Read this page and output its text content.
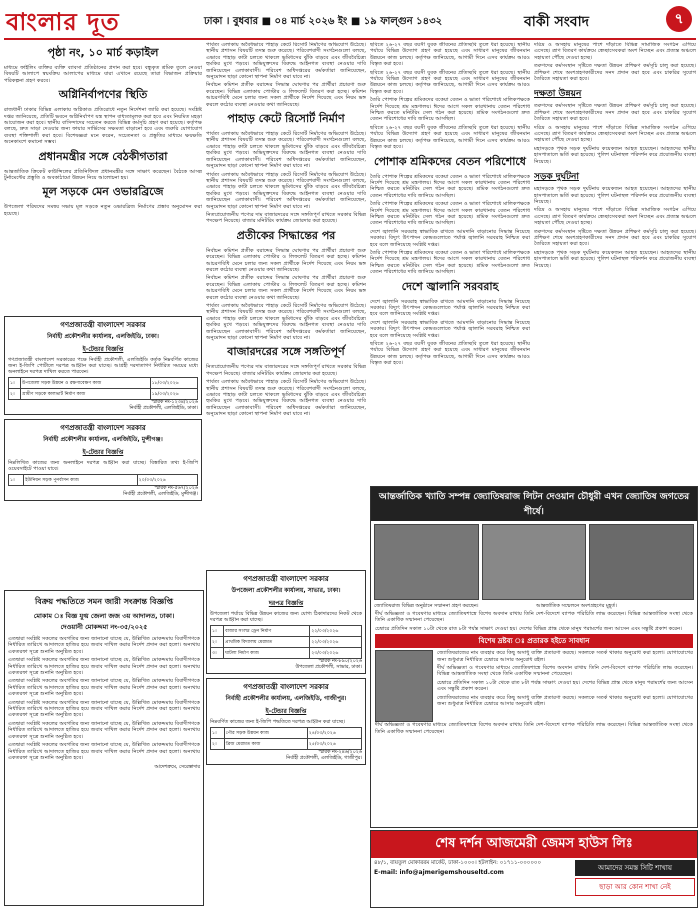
বাংলার দূত	ঢাকা । বুধবার ■ ০৪ মার্চ ২০২৬ ইং ■ ১৯ ফাল্গুন ১৪৩২	বাকী সংবাদ	৭
পৃষ্ঠা নং, ১০ মার্চ কড়াইল

মাধ্যমে ফাইলিং ব্যক্তির ব্যক্তি ব্যাবসা প্রতিষ্ঠানের প্রদান করা হবে। বন্ধুকৃত শ্রমিক তুলে নেওয়া বিষয়টি আলাপে স্বয়ংক্রিয় আলাপের মাধ্যমে যারা এখানে রয়েছে তারা বিভাজন প্রক্রিয়ার পরিকল্পনা গ্রহণ করবে।

অগ্নিনির্বাপণের স্থিতি

রাজধানী ঢাকার বিভিন্ন এলাকায় অগ্নিকাণ্ড প্রতিরোধে নতুন নির্দেশনা জারি করা হয়েছে। সংশ্লিষ্ট দপ্তর জানিয়েছে, প্রতিটি ভবনে অগ্নিনির্বাপণ যন্ত্র স্থাপন বাধ্যতামূলক করা হবে এবং নিয়মিত মহড়া আয়োজন করা হবে। স্থানীয় বাসিন্দাদের সচেতন করতে বিভিন্ন কর্মসূচি গ্রহণ করা হয়েছে। কর্তৃপক্ষ বলছে, দ্রুত সাড়া দেওয়ার জন্য ফায়ার সার্ভিসের সক্ষমতা বাড়ানো হবে এবং জরুরি যোগাযোগ ব্যবস্থা শক্তিশালী করা হবে। বিশেষজ্ঞরা মনে করেন, সচেতনতা ও প্রস্তুতির মাধ্যমে ক্ষয়ক্ষতি অনেকাংশে কমানো সম্ভব।

প্রধানমন্ত্রীর সঙ্গে বেঠকীগতারা

আন্তর্জাতিক ক্রিকেট কাউন্সিলের প্রতিনিধিদল প্রধানমন্ত্রীর সঙ্গে সাক্ষাৎ করেছেন। বৈঠকে আসন্ন টুর্নামেন্টের প্রস্তুতি ও অবকাঠামো উন্নয়ন নিয়ে আলোচনা হয়।

মূল সড়কে মেন ওভারব্রিজে

উপজেলা পরিষদের সমন্বয় সভায় মূল সড়কে নতুন ওভারব্রিজ নির্মাণের প্রস্তাব অনুমোদন করা হয়েছে।

গণপ্রজাতন্ত্রী বাংলাদেশ সরকার
নির্বাহী প্রকৌশলীর কার্যালয়, এলজিইডি, ঢাকা।
ই-টেন্ডার বিজ্ঞপ্তি

গণপ্রজাতন্ত্রী বাংলাদেশ সরকারের পক্ষে নির্বাহী প্রকৌশলী, এলজিইডি কর্তৃক নিম্নবর্ণিত কাজের জন্য ই-জিপি পোর্টালে দরপত্র আহ্বান করা যাচ্ছে। আগ্রহী দরদাতাগণ নির্ধারিত সময়ের মধ্যে অনলাইনে দরপত্র দাখিল করতে পারবেন।

১।	উপজেলা সড়ক উন্নয়ন ও রক্ষণাবেক্ষণ কাজ	১৮/০৩/২০২৬
২।	গ্রামীণ সড়কে কালভার্ট নির্মাণ কাজ	১৯/০৩/২০২৬
স্মারক নং-১২৩৪/২০২৬
নির্বাহী প্রকৌশলী, এলজিইডি, ঢাকা।
গণপ্রজাতন্ত্রী বাংলাদেশ সরকার
নির্বাহী প্রকৌশলীর কার্যালয়, এলজিইডি, মুন্সীগঞ্জ।
ই-টেন্ডার বিজ্ঞপ্তি

নিম্নলিখিত কাজের জন্য অনলাইনে দরপত্র আহ্বান করা যাচ্ছে। বিস্তারিত তথ্য ই-জিপি ওয়েবসাইটে পাওয়া যাবে।

১।	ইউনিয়ন সড়ক পুনর্বাসন কাজ	২০/০৩/২০২৬
স্মারক নং-৫৬৭/২০২৬
নির্বাহী প্রকৌশলী, এলজিইডি, মুন্সীগঞ্জ।
বিক্রয় পদ্ধতিতে সমন জারী সংক্রান্ত বিজ্ঞপ্তি
মোকাম ঃ বিজ্ঞ যুগ্ম জেলা জজ ৩য় আদালত, ঢাকা।
দেওয়ানী মোকদ্দমা নং-৩৫/২০২৫

এতদ্বারা সংশ্লিষ্ট সকলের অবগতির জন্য জানানো যাচ্ছে যে, উল্লিখিত মোকদ্দমায় বিবাদীগণকে নির্ধারিত তারিখে আদালতে হাজির হয়ে জবাব দাখিল করার নির্দেশ প্রদান করা হলো। অন্যথায় একতরফা সূত্রে শুনানি অনুষ্ঠিত হবে।

এতদ্বারা সংশ্লিষ্ট সকলের অবগতির জন্য জানানো যাচ্ছে যে, উল্লিখিত মোকদ্দমায় বিবাদীগণকে নির্ধারিত তারিখে আদালতে হাজির হয়ে জবাব দাখিল করার নির্দেশ প্রদান করা হলো। অন্যথায় একতরফা সূত্রে শুনানি অনুষ্ঠিত হবে।

এতদ্বারা সংশ্লিষ্ট সকলের অবগতির জন্য জানানো যাচ্ছে যে, উল্লিখিত মোকদ্দমায় বিবাদীগণকে নির্ধারিত তারিখে আদালতে হাজির হয়ে জবাব দাখিল করার নির্দেশ প্রদান করা হলো। অন্যথায় একতরফা সূত্রে শুনানি অনুষ্ঠিত হবে।

এতদ্বারা সংশ্লিষ্ট সকলের অবগতির জন্য জানানো যাচ্ছে যে, উল্লিখিত মোকদ্দমায় বিবাদীগণকে নির্ধারিত তারিখে আদালতে হাজির হয়ে জবাব দাখিল করার নির্দেশ প্রদান করা হলো। অন্যথায় একতরফা সূত্রে শুনানি অনুষ্ঠিত হবে।

এতদ্বারা সংশ্লিষ্ট সকলের অবগতির জন্য জানানো যাচ্ছে যে, উল্লিখিত মোকদ্দমায় বিবাদীগণকে নির্ধারিত তারিখে আদালতে হাজির হয়ে জবাব দাখিল করার নির্দেশ প্রদান করা হলো। অন্যথায় একতরফা সূত্রে শুনানি অনুষ্ঠিত হবে।

এতদ্বারা সংশ্লিষ্ট সকলের অবগতির জন্য জানানো যাচ্ছে যে, উল্লিখিত মোকদ্দমায় বিবাদীগণকে নির্ধারিত তারিখে আদালতে হাজির হয়ে জবাব দাখিল করার নির্দেশ প্রদান করা হলো। অন্যথায় একতরফা সূত্রে শুনানি অনুষ্ঠিত হবে।

আদেশক্রমে, সেরেস্তাদার

পার্বত্য এলাকায় অবৈধভাবে পাহাড় কেটে রিসোর্ট নির্মাণের অভিযোগ উঠেছে। স্থানীয় প্রশাসন বিষয়টি তদন্ত শুরু করেছে। পরিবেশবাদী সংগঠনগুলো বলছে, এভাবে পাহাড় কাটা চলতে থাকলে ভূমিধসের ঝুঁকি বাড়বে এবং জীববৈচিত্র্য হুমকির মুখে পড়বে। অভিযুক্তদের বিরুদ্ধে আইনগত ব্যবস্থা নেওয়ার দাবি জানিয়েছেন এলাকাবাসী। পরিবেশ অধিদপ্তরের কর্মকর্তারা জানিয়েছেন, অনুমোদন ছাড়া কোনো স্থাপনা নির্মাণ করা যাবে না।

নির্বাচন কমিশন প্রতীক বরাদ্দের সিদ্ধান্ত ঘোষণার পর প্রার্থীরা প্রচারণা শুরু করেছেন। বিভিন্ন এলাকায় পোস্টার ও লিফলেট বিতরণ করা হচ্ছে। কমিশন আচরণবিধি মেনে চলার জন্য সকল প্রার্থীকে নির্দেশ দিয়েছে এবং নিয়ম ভঙ্গ করলে কঠোর ব্যবস্থা নেওয়ার কথা জানিয়েছে।

পাহাড় কেটে রিসোর্ট নির্মাণ

পার্বত্য এলাকায় অবৈধভাবে পাহাড় কেটে রিসোর্ট নির্মাণের অভিযোগ উঠেছে। স্থানীয় প্রশাসন বিষয়টি তদন্ত শুরু করেছে। পরিবেশবাদী সংগঠনগুলো বলছে, এভাবে পাহাড় কাটা চলতে থাকলে ভূমিধসের ঝুঁকি বাড়বে এবং জীববৈচিত্র্য হুমকির মুখে পড়বে। অভিযুক্তদের বিরুদ্ধে আইনগত ব্যবস্থা নেওয়ার দাবি জানিয়েছেন এলাকাবাসী। পরিবেশ অধিদপ্তরের কর্মকর্তারা জানিয়েছেন, অনুমোদন ছাড়া কোনো স্থাপনা নির্মাণ করা যাবে না।

পার্বত্য এলাকায় অবৈধভাবে পাহাড় কেটে রিসোর্ট নির্মাণের অভিযোগ উঠেছে। স্থানীয় প্রশাসন বিষয়টি তদন্ত শুরু করেছে। পরিবেশবাদী সংগঠনগুলো বলছে, এভাবে পাহাড় কাটা চলতে থাকলে ভূমিধসের ঝুঁকি বাড়বে এবং জীববৈচিত্র্য হুমকির মুখে পড়বে। অভিযুক্তদের বিরুদ্ধে আইনগত ব্যবস্থা নেওয়ার দাবি জানিয়েছেন এলাকাবাসী। পরিবেশ অধিদপ্তরের কর্মকর্তারা জানিয়েছেন, অনুমোদন ছাড়া কোনো স্থাপনা নির্মাণ করা যাবে না।

নিত্যপ্রয়োজনীয় পণ্যের দাম বাজারদরের সঙ্গে সঙ্গতিপূর্ণ রাখতে সরকার বিভিন্ন পদক্ষেপ নিয়েছে। বাজার মনিটরিং কার্যক্রম জোরদার করা হয়েছে।

প্রতীকের সিদ্ধান্তের পর

নির্বাচন কমিশন প্রতীক বরাদ্দের সিদ্ধান্ত ঘোষণার পর প্রার্থীরা প্রচারণা শুরু করেছেন। বিভিন্ন এলাকায় পোস্টার ও লিফলেট বিতরণ করা হচ্ছে। কমিশন আচরণবিধি মেনে চলার জন্য সকল প্রার্থীকে নির্দেশ দিয়েছে এবং নিয়ম ভঙ্গ করলে কঠোর ব্যবস্থা নেওয়ার কথা জানিয়েছে।

নির্বাচন কমিশন প্রতীক বরাদ্দের সিদ্ধান্ত ঘোষণার পর প্রার্থীরা প্রচারণা শুরু করেছেন। বিভিন্ন এলাকায় পোস্টার ও লিফলেট বিতরণ করা হচ্ছে। কমিশন আচরণবিধি মেনে চলার জন্য সকল প্রার্থীকে নির্দেশ দিয়েছে এবং নিয়ম ভঙ্গ করলে কঠোর ব্যবস্থা নেওয়ার কথা জানিয়েছে।

পার্বত্য এলাকায় অবৈধভাবে পাহাড় কেটে রিসোর্ট নির্মাণের অভিযোগ উঠেছে। স্থানীয় প্রশাসন বিষয়টি তদন্ত শুরু করেছে। পরিবেশবাদী সংগঠনগুলো বলছে, এভাবে পাহাড় কাটা চলতে থাকলে ভূমিধসের ঝুঁকি বাড়বে এবং জীববৈচিত্র্য হুমকির মুখে পড়বে। অভিযুক্তদের বিরুদ্ধে আইনগত ব্যবস্থা নেওয়ার দাবি জানিয়েছেন এলাকাবাসী। পরিবেশ অধিদপ্তরের কর্মকর্তারা জানিয়েছেন, অনুমোদন ছাড়া কোনো স্থাপনা নির্মাণ করা যাবে না।

বাজারদরের সঙ্গে সঙ্গতিপূর্ণ

নিত্যপ্রয়োজনীয় পণ্যের দাম বাজারদরের সঙ্গে সঙ্গতিপূর্ণ রাখতে সরকার বিভিন্ন পদক্ষেপ নিয়েছে। বাজার মনিটরিং কার্যক্রম জোরদার করা হয়েছে।

পার্বত্য এলাকায় অবৈধভাবে পাহাড় কেটে রিসোর্ট নির্মাণের অভিযোগ উঠেছে। স্থানীয় প্রশাসন বিষয়টি তদন্ত শুরু করেছে। পরিবেশবাদী সংগঠনগুলো বলছে, এভাবে পাহাড় কাটা চলতে থাকলে ভূমিধসের ঝুঁকি বাড়বে এবং জীববৈচিত্র্য হুমকির মুখে পড়বে। অভিযুক্তদের বিরুদ্ধে আইনগত ব্যবস্থা নেওয়ার দাবি জানিয়েছেন এলাকাবাসী। পরিবেশ অধিদপ্তরের কর্মকর্তারা জানিয়েছেন, অনুমোদন ছাড়া কোনো স্থাপনা নির্মাণ করা যাবে না।

গণপ্রজাতন্ত্রী বাংলাদেশ সরকার
উপজেলা প্রকৌশলীর কার্যালয়, সাভার, ঢাকা।
দরপত্র বিজ্ঞপ্তি

উপজেলা পর্যায়ে বিভিন্ন উন্নয়ন কাজের জন্য যোগ্য ঠিকাদারদের নিকট থেকে দরপত্র আহ্বান করা যাচ্ছে।

১।	বাজার সংলগ্ন ড্রেন নির্মাণ	২২/০৩/২০২৬
২।	প্রাথমিক বিদ্যালয় মেরামত	২২/০৩/২০২৬
৩।	ঘাটলা নির্মাণ কাজ	২৩/০৩/২০২৬
স্মারক নং-৮৯০/২০২৬
উপজেলা প্রকৌশলী, সাভার, ঢাকা।
গণপ্রজাতন্ত্রী বাংলাদেশ সরকার
নির্বাহী প্রকৌশলীর কার্যালয়, এলজিইডি, গাজীপুর।
ই-টেন্ডার বিজ্ঞপ্তি

নিম্নবর্ণিত কাজের জন্য ই-জিপি পদ্ধতিতে দরপত্র আহ্বান করা যাচ্ছে।

১।	পৌর সড়ক উন্নয়ন কাজ	২৪/০৩/২০২৬
২।	ব্রিজ মেরামত কাজ	২৫/০৩/২০২৬
স্মারক নং-২৪৬/২০২৬
নির্বাহী প্রকৌশলী, এলজিইডি, গাজীপুর।

ছবিতে ২৬-২৭ বছর বয়সী যুবক জীবনের প্রতিচ্ছবি তুলে ধরা হয়েছে। স্থানীয় পর্যায়ে বিভিন্ন উদ্যোগ গ্রহণ করা হয়েছে এবং সাধারণ মানুষের জীবনমান উন্নয়নে কাজ চলছে। কর্তৃপক্ষ জানিয়েছে, আগামী দিনে এসব কার্যক্রম আরও বিস্তৃত করা হবে।

ছবিতে ২৬-২৭ বছর বয়সী যুবক জীবনের প্রতিচ্ছবি তুলে ধরা হয়েছে। স্থানীয় পর্যায়ে বিভিন্ন উদ্যোগ গ্রহণ করা হয়েছে এবং সাধারণ মানুষের জীবনমান উন্নয়নে কাজ চলছে। কর্তৃপক্ষ জানিয়েছে, আগামী দিনে এসব কার্যক্রম আরও বিস্তৃত করা হবে।

তৈরি পোশাক শিল্পের শ্রমিকদের বকেয়া বেতন ও ভাতা পরিশোধে মালিকপক্ষকে নির্দেশ দিয়েছে শ্রম মন্ত্রণালয়। ঈদের আগে সকল কারখানায় বেতন পরিশোধ নিশ্চিত করতে মনিটরিং সেল গঠন করা হয়েছে। শ্রমিক সংগঠনগুলো দ্রুত বেতন পরিশোধের দাবি জানিয়ে আসছিল।

ছবিতে ২৬-২৭ বছর বয়সী যুবক জীবনের প্রতিচ্ছবি তুলে ধরা হয়েছে। স্থানীয় পর্যায়ে বিভিন্ন উদ্যোগ গ্রহণ করা হয়েছে এবং সাধারণ মানুষের জীবনমান উন্নয়নে কাজ চলছে। কর্তৃপক্ষ জানিয়েছে, আগামী দিনে এসব কার্যক্রম আরও বিস্তৃত করা হবে।

পোশাক শ্রমিকদের বেতন পরিশোধে

তৈরি পোশাক শিল্পের শ্রমিকদের বকেয়া বেতন ও ভাতা পরিশোধে মালিকপক্ষকে নির্দেশ দিয়েছে শ্রম মন্ত্রণালয়। ঈদের আগে সকল কারখানায় বেতন পরিশোধ নিশ্চিত করতে মনিটরিং সেল গঠন করা হয়েছে। শ্রমিক সংগঠনগুলো দ্রুত বেতন পরিশোধের দাবি জানিয়ে আসছিল।

তৈরি পোশাক শিল্পের শ্রমিকদের বকেয়া বেতন ও ভাতা পরিশোধে মালিকপক্ষকে নির্দেশ দিয়েছে শ্রম মন্ত্রণালয়। ঈদের আগে সকল কারখানায় বেতন পরিশোধ নিশ্চিত করতে মনিটরিং সেল গঠন করা হয়েছে। শ্রমিক সংগঠনগুলো দ্রুত বেতন পরিশোধের দাবি জানিয়ে আসছিল।

দেশে জ্বালানি সরবরাহ স্বাভাবিক রাখতে আমদানি বাড়ানোর সিদ্ধান্ত নিয়েছে সরকার। বিদ্যুৎ উৎপাদন কেন্দ্রগুলোতে পর্যাপ্ত জ্বালানি সরবরাহ নিশ্চিত করা হবে বলে জানিয়েছে সংশ্লিষ্ট দপ্তর।

তৈরি পোশাক শিল্পের শ্রমিকদের বকেয়া বেতন ও ভাতা পরিশোধে মালিকপক্ষকে নির্দেশ দিয়েছে শ্রম মন্ত্রণালয়। ঈদের আগে সকল কারখানায় বেতন পরিশোধ নিশ্চিত করতে মনিটরিং সেল গঠন করা হয়েছে। শ্রমিক সংগঠনগুলো দ্রুত বেতন পরিশোধের দাবি জানিয়ে আসছিল।

দেশে জ্বালানি সরবরাহ

দেশে জ্বালানি সরবরাহ স্বাভাবিক রাখতে আমদানি বাড়ানোর সিদ্ধান্ত নিয়েছে সরকার। বিদ্যুৎ উৎপাদন কেন্দ্রগুলোতে পর্যাপ্ত জ্বালানি সরবরাহ নিশ্চিত করা হবে বলে জানিয়েছে সংশ্লিষ্ট দপ্তর।

দেশে জ্বালানি সরবরাহ স্বাভাবিক রাখতে আমদানি বাড়ানোর সিদ্ধান্ত নিয়েছে সরকার। বিদ্যুৎ উৎপাদন কেন্দ্রগুলোতে পর্যাপ্ত জ্বালানি সরবরাহ নিশ্চিত করা হবে বলে জানিয়েছে সংশ্লিষ্ট দপ্তর।

ছবিতে ২৬-২৭ বছর বয়সী যুবক জীবনের প্রতিচ্ছবি তুলে ধরা হয়েছে। স্থানীয় পর্যায়ে বিভিন্ন উদ্যোগ গ্রহণ করা হয়েছে এবং সাধারণ মানুষের জীবনমান উন্নয়নে কাজ চলছে। কর্তৃপক্ষ জানিয়েছে, আগামী দিনে এসব কার্যক্রম আরও বিস্তৃত করা হবে।

দরিদ্র ও অসহায় মানুষের পাশে দাঁড়াতে বিভিন্ন সামাজিক সংগঠন এগিয়ে এসেছে। ত্রাণ বিতরণ কার্যক্রমে স্বেচ্ছাসেবকরা অংশ নিচ্ছেন এবং প্রত্যন্ত অঞ্চলে সহায়তা পৌঁছে দেওয়া হচ্ছে।

তরুণদের কর্মসংস্থান সৃষ্টিতে দক্ষতা উন্নয়ন প্রশিক্ষণ কর্মসূচি চালু করা হয়েছে। প্রশিক্ষণ শেষে অংশগ্রহণকারীদের সনদ প্রদান করা হবে এবং চাকরির সুযোগ তৈরিতে সহায়তা করা হবে।

দক্ষতা উন্নয়ন

তরুণদের কর্মসংস্থান সৃষ্টিতে দক্ষতা উন্নয়ন প্রশিক্ষণ কর্মসূচি চালু করা হয়েছে। প্রশিক্ষণ শেষে অংশগ্রহণকারীদের সনদ প্রদান করা হবে এবং চাকরির সুযোগ তৈরিতে সহায়তা করা হবে।

দরিদ্র ও অসহায় মানুষের পাশে দাঁড়াতে বিভিন্ন সামাজিক সংগঠন এগিয়ে এসেছে। ত্রাণ বিতরণ কার্যক্রমে স্বেচ্ছাসেবকরা অংশ নিচ্ছেন এবং প্রত্যন্ত অঞ্চলে সহায়তা পৌঁছে দেওয়া হচ্ছে।

মহাসড়কে পৃথক সড়ক দুর্ঘটনায় কয়েকজন আহত হয়েছেন। আহতদের স্থানীয় হাসপাতালে ভর্তি করা হয়েছে। পুলিশ ঘটনাস্থল পরিদর্শন করে প্রয়োজনীয় ব্যবস্থা নিয়েছে।

সড়ক দুর্ঘটনা

মহাসড়কে পৃথক সড়ক দুর্ঘটনায় কয়েকজন আহত হয়েছেন। আহতদের স্থানীয় হাসপাতালে ভর্তি করা হয়েছে। পুলিশ ঘটনাস্থল পরিদর্শন করে প্রয়োজনীয় ব্যবস্থা নিয়েছে।

দরিদ্র ও অসহায় মানুষের পাশে দাঁড়াতে বিভিন্ন সামাজিক সংগঠন এগিয়ে এসেছে। ত্রাণ বিতরণ কার্যক্রমে স্বেচ্ছাসেবকরা অংশ নিচ্ছেন এবং প্রত্যন্ত অঞ্চলে সহায়তা পৌঁছে দেওয়া হচ্ছে।

তরুণদের কর্মসংস্থান সৃষ্টিতে দক্ষতা উন্নয়ন প্রশিক্ষণ কর্মসূচি চালু করা হয়েছে। প্রশিক্ষণ শেষে অংশগ্রহণকারীদের সনদ প্রদান করা হবে এবং চাকরির সুযোগ তৈরিতে সহায়তা করা হবে।

মহাসড়কে পৃথক সড়ক দুর্ঘটনায় কয়েকজন আহত হয়েছেন। আহতদের স্থানীয় হাসপাতালে ভর্তি করা হয়েছে। পুলিশ ঘটনাস্থল পরিদর্শন করে প্রয়োজনীয় ব্যবস্থা নিয়েছে।

আন্তর্জাতিক খ্যাতি সম্পন্ন জ্যোতিষরাজ লিটন দেওয়ান চৌধুরী এখন জ্যোতিষ জগতের শীর্ষে।
জ্যোতিষরাজ বিভিন্ন অনুষ্ঠানে সম্মাননা গ্রহণ করছেন।	আন্তর্জাতিক সম্মেলনে অংশগ্রহণের মুহূর্ত।

দীর্ঘ অভিজ্ঞতা ও গবেষণার মাধ্যমে জ্যোতিষশাস্ত্রে বিশেষ অবদান রাখায় তিনি দেশ-বিদেশে ব্যাপক পরিচিতি লাভ করেছেন। বিভিন্ন আন্তর্জাতিক সংস্থা থেকে তিনি একাধিক সম্মাননা পেয়েছেন।

চেম্বারে প্রতিদিন সকাল ১০টা থেকে রাত ৮টা পর্যন্ত সাক্ষাৎ দেওয়া হয়। দেশের বিভিন্ন প্রান্ত থেকে মানুষ পরামর্শের জন্য আসেন এবং সন্তুষ্টি প্রকাশ করেন।

বিশেষ দ্রষ্টব্য ঃ প্রতারক হইতে সাবধান

জ্যোতিষরাজের নাম ব্যবহার করে কিছু অসাধু ব্যক্তি প্রতারণা করছে। সকলকে সতর্ক থাকার অনুরোধ করা হলো। যোগাযোগের জন্য শুধুমাত্র নির্ধারিত চেম্বারে আসার অনুরোধ রইল।

দীর্ঘ অভিজ্ঞতা ও গবেষণার মাধ্যমে জ্যোতিষশাস্ত্রে বিশেষ অবদান রাখায় তিনি দেশ-বিদেশে ব্যাপক পরিচিতি লাভ করেছেন। বিভিন্ন আন্তর্জাতিক সংস্থা থেকে তিনি একাধিক সম্মাননা পেয়েছেন।

চেম্বারে প্রতিদিন সকাল ১০টা থেকে রাত ৮টা পর্যন্ত সাক্ষাৎ দেওয়া হয়। দেশের বিভিন্ন প্রান্ত থেকে মানুষ পরামর্শের জন্য আসেন এবং সন্তুষ্টি প্রকাশ করেন।

জ্যোতিষরাজের নাম ব্যবহার করে কিছু অসাধু ব্যক্তি প্রতারণা করছে। সকলকে সতর্ক থাকার অনুরোধ করা হলো। যোগাযোগের জন্য শুধুমাত্র নির্ধারিত চেম্বারে আসার অনুরোধ রইল।

দীর্ঘ অভিজ্ঞতা ও গবেষণার মাধ্যমে জ্যোতিষশাস্ত্রে বিশেষ অবদান রাখায় তিনি দেশ-বিদেশে ব্যাপক পরিচিতি লাভ করেছেন। বিভিন্ন আন্তর্জাতিক সংস্থা থেকে তিনি একাধিক সম্মাননা পেয়েছেন।

শেষ দর্শন আজমেরী জেমস হাউস লিঃ
৪৮/১, বায়তুল মোকাররম মার্কেট, ঢাকা-১০০০। হটলাইন: ০১৭১১-০০০০০০
E-mail: info@ajmerigemshouseltd.com
আমাদের সমস্ত সিটি শাখায়
ছাড়া আর কোন শাখা নেই
